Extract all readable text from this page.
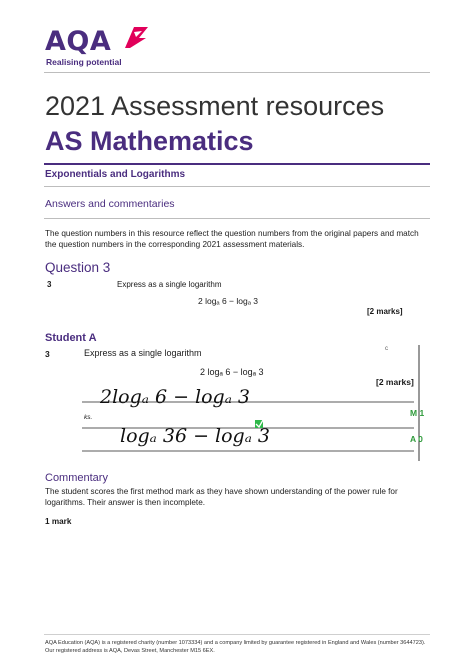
AQA
Realising potential
2021 Assessment resources
AS Mathematics
Exponentials and Logarithms
Answers and commentaries
The question numbers in this resource reflect the question numbers from the original papers and match the question numbers in the corresponding 2021 assessment materials.
Question 3
3	Express as a single logarithm
2 logₐ 6 − logₐ 3
[2 marks]
Student A
c
3	Express as a single logarithm
2 logₐ 6 − logₐ 3
[2 marks]
2logₐ 6 − logₐ 3
ks.
logₐ 36 − logₐ 3
M 1
A 0
Commentary
The student scores the first method mark as they have shown understanding of the power rule for logarithms. Their answer is then incomplete.
1 mark
AQA Education (AQA) is a registered charity (number 1073334) and a company limited by guarantee registered in England and Wales (number 3644723). Our registered address is AQA, Devas Street, Manchester M15 6EX.
